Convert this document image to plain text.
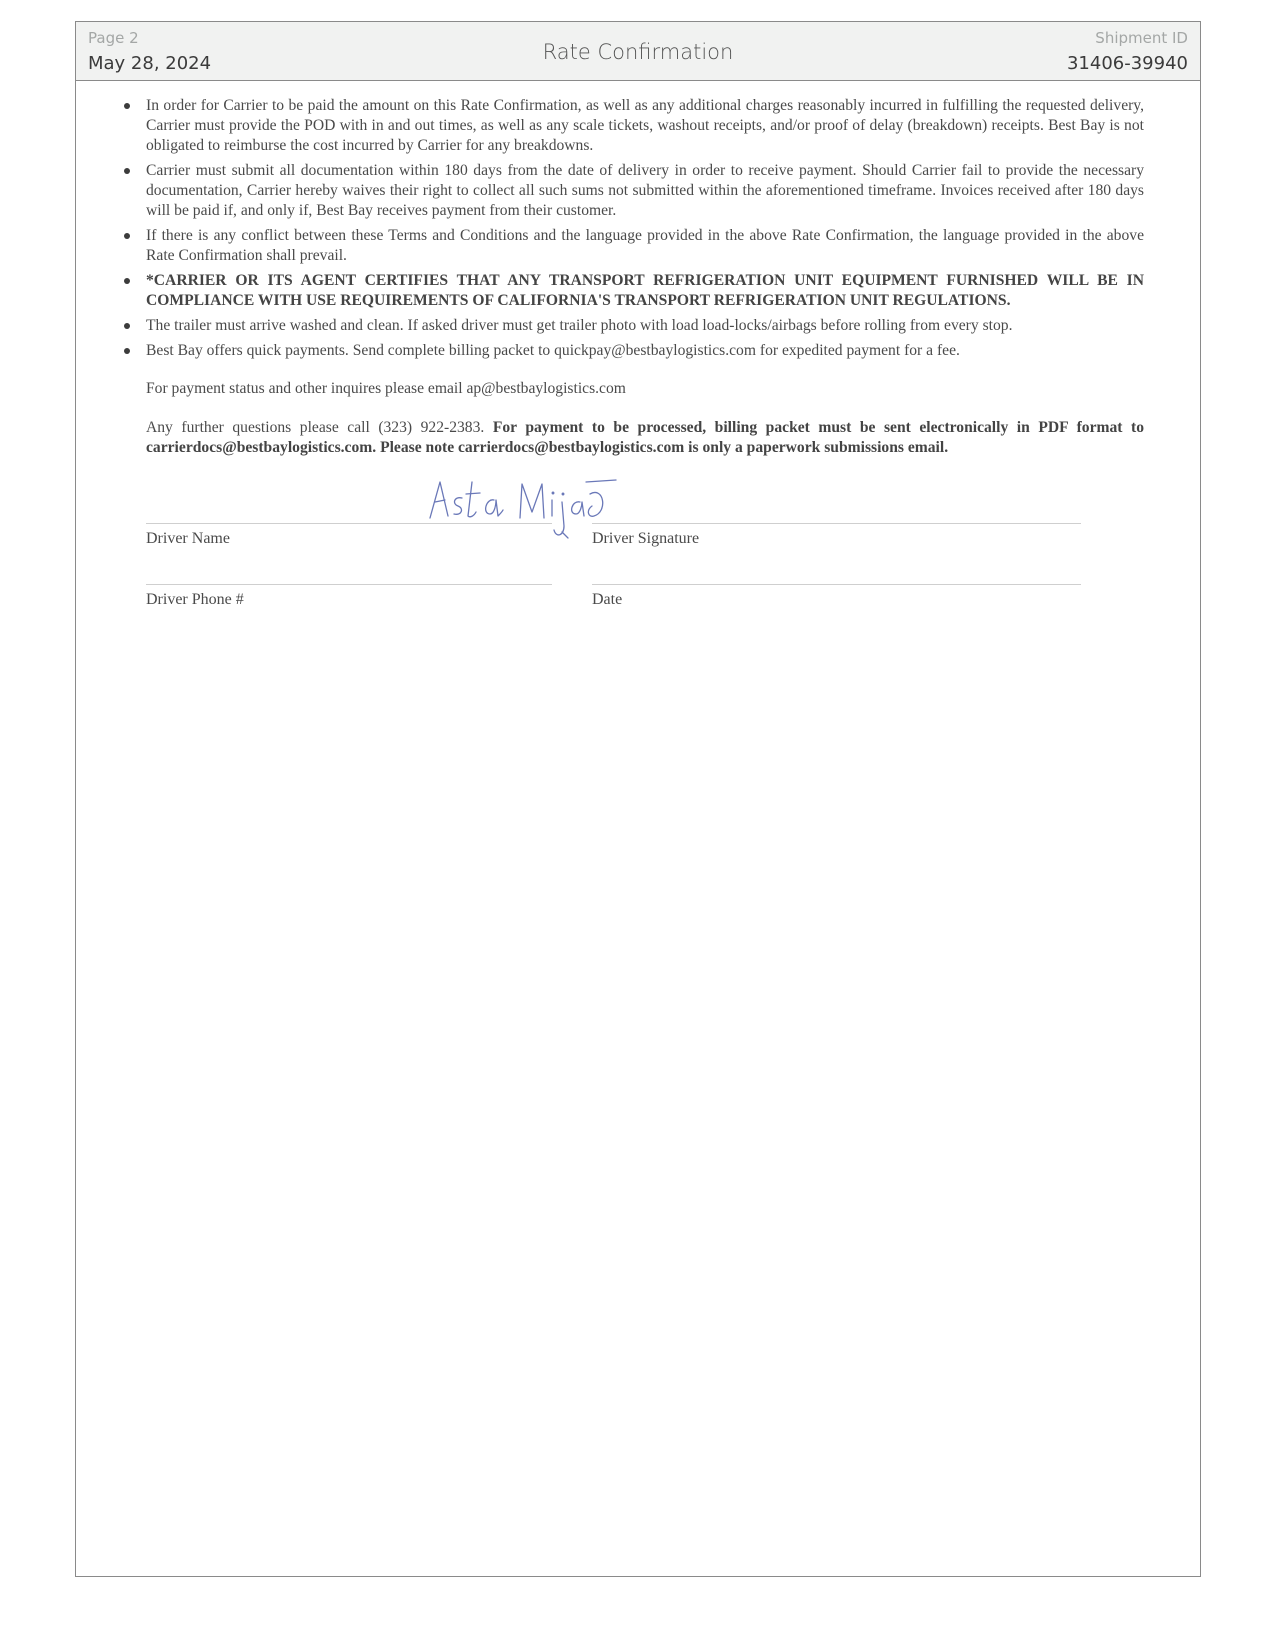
Page 2
May 28, 2024	Rate Confirmation
Shipment ID
31406-39940
In order for Carrier to be paid the amount on this Rate Confirmation, as well as any additional charges reasonably incurred in fulfilling the requested delivery, Carrier must provide the POD with in and out times, as well as any scale tickets, washout receipts, and/or proof of delay (breakdown) receipts. Best Bay is not obligated to reimburse the cost incurred by Carrier for any breakdowns.
Carrier must submit all documentation within 180 days from the date of delivery in order to receive payment. Should Carrier fail to provide the necessary documentation, Carrier hereby waives their right to collect all such sums not submitted within the aforementioned timeframe. Invoices received after 180 days will be paid if, and only if, Best Bay receives payment from their customer.
If there is any conflict between these Terms and Conditions and the language provided in the above Rate Confirmation, the language provided in the above Rate Confirmation shall prevail.
*CARRIER OR ITS AGENT CERTIFIES THAT ANY TRANSPORT REFRIGERATION UNIT EQUIPMENT FURNISHED WILL BE IN COMPLIANCE WITH USE REQUIREMENTS OF CALIFORNIA'S TRANSPORT REFRIGERATION UNIT REGULATIONS.
The trailer must arrive washed and clean. If asked driver must get trailer photo with load load-locks/airbags before rolling from every stop.
Best Bay offers quick payments. Send complete billing packet to quickpay@bestbaylogistics.com for expedited payment for a fee.
For payment status and other inquires please email ap@bestbaylogistics.com
Any further questions please call (323) 922-2383. For payment to be processed, billing packet must be sent electronically in PDF format to carrierdocs@bestbaylogistics.com. Please note carrierdocs@bestbaylogistics.com is only a paperwork submissions email.
Driver Name	Driver Signature
Driver Phone #	Date
